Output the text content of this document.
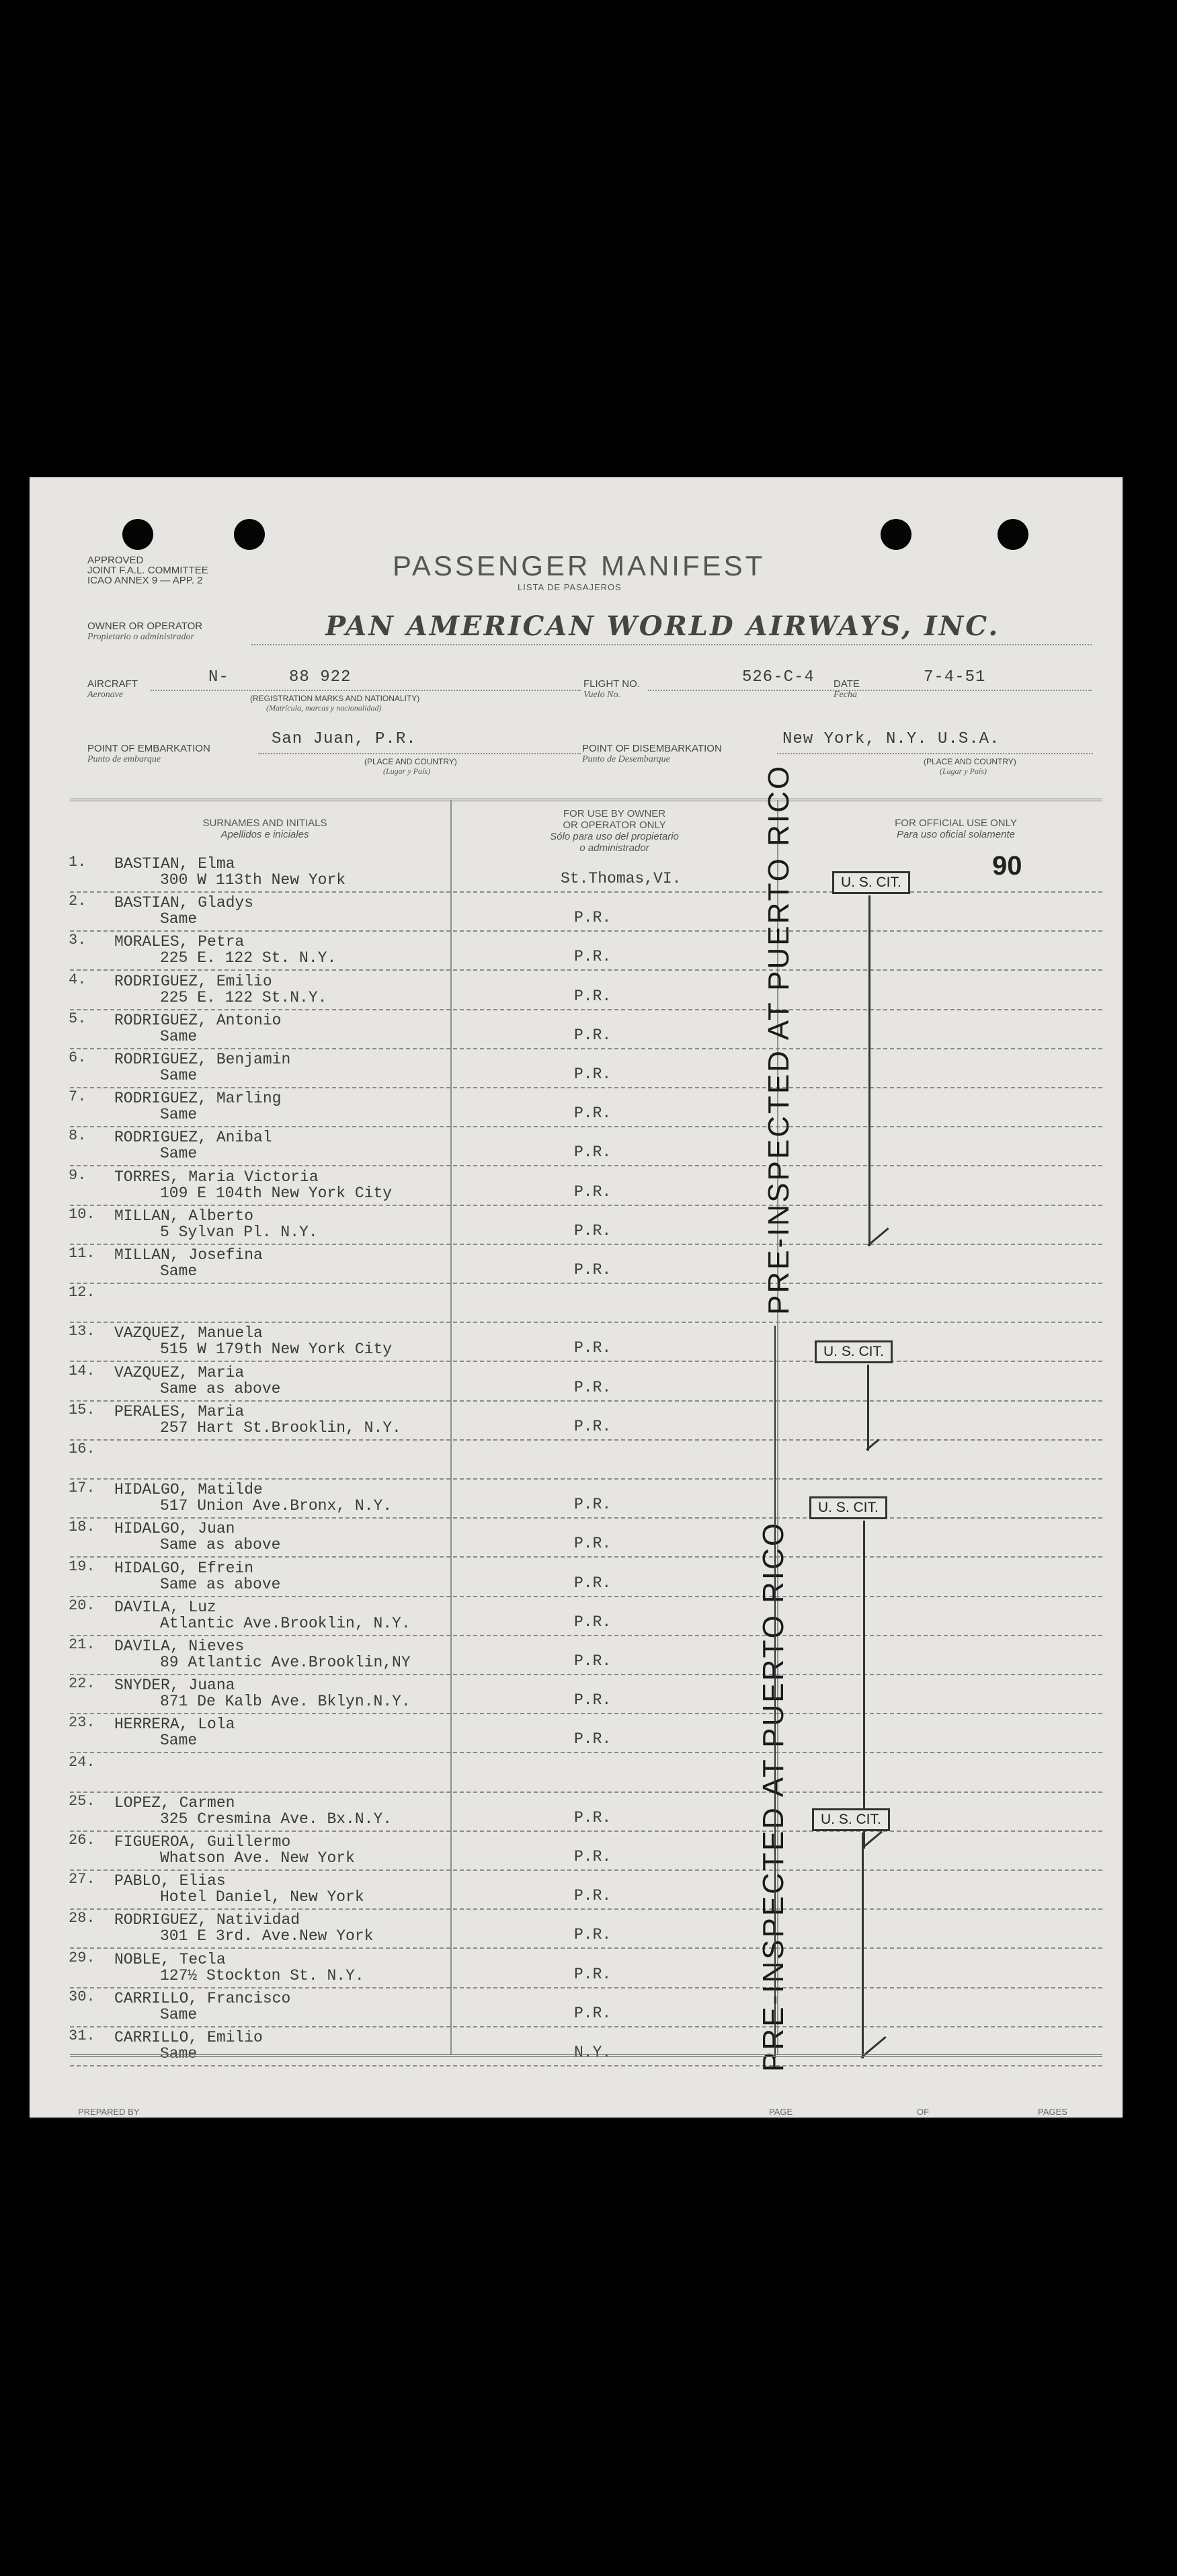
APPROVED
JOINT F.A.L. COMMITTEE
ICAO ANNEX 9 — APP. 2	PASSENGER MANIFEST
LISTA DE PASAJEROS
OWNER OR OPERATOR
Propietario o administrador	PAN AMERICAN WORLD AIRWAYS, INC.
AIRCRAFT
Aeronave
N-	88 922
(REGISTRATION MARKS AND NATIONALITY)
(Matrícula, marcas y nacionalidad)
FLIGHT NO.
Vuelo No.
526-C-4 DATE
Fecha
7-4-51
POINT OF EMBARKATION
Punto de embarque
San Juan, P.R.
(PLACE AND COUNTRY)
(Lugar y País)
POINT OF DISEMBARKATION
Punto de Desembarque
New York, N.Y. U.S.A.
(PLACE AND COUNTRY)
(Lugar y País)
SURNAMES AND INITIALS
Apellidos e iniciales
FOR USE BY OWNER
OR OPERATOR ONLY
Sólo para uso del propietario
o administrador
FOR OFFICIAL USE ONLY
Para uso oficial solamente
1. BASTIAN, Elma
300 W 113th New York	St.Thomas,VI.
2. BASTIAN, Gladys
Same	P.R.
3. MORALES, Petra
225 E. 122 St. N.Y.	P.R.
4. RODRIGUEZ, Emilio
225 E. 122 St.N.Y.	P.R.
5. RODRIGUEZ, Antonio
Same	P.R.
6. RODRIGUEZ, Benjamin
Same	P.R.
7. RODRIGUEZ, Marling
Same	P.R.
8. RODRIGUEZ, Anibal
Same	P.R.
9. TORRES, Maria Victoria
109 E 104th New York City	P.R.
10. MILLAN, Alberto
5 Sylvan Pl. N.Y.	P.R.
11. MILLAN, Josefina
Same	P.R.
12.
13. VAZQUEZ, Manuela
515 W 179th New York City	P.R.
14. VAZQUEZ, Maria
Same as above	P.R.
15. PERALES, Maria
257 Hart St.Brooklin, N.Y.	P.R.
16.
17. HIDALGO, Matilde
517 Union Ave.Bronx, N.Y.	P.R.
18. HIDALGO, Juan
Same as above	P.R.
19. HIDALGO, Efrein
Same as above	P.R.
20. DAVILA, Luz
Atlantic Ave.Brooklin, N.Y.	P.R.
21. DAVILA, Nieves
89 Atlantic Ave.Brooklin,NY	P.R.
22. SNYDER, Juana
871 De Kalb Ave. Bklyn.N.Y.	P.R.
23. HERRERA, Lola
Same	P.R.
24.
25. LOPEZ, Carmen
325 Cresmina Ave. Bx.N.Y.	P.R.
26. FIGUEROA, Guillermo
Whatson Ave. New York	P.R.
27. PABLO, Elias
Hotel Daniel, New York	P.R.
28. RODRIGUEZ, Natividad
301 E 3rd. Ave.New York	P.R.
29. NOBLE, Tecla
127½ Stockton St. N.Y.	P.R.
30. CARRILLO, Francisco
Same	P.R.
31. CARRILLO, Emilio
Same	N.Y.
90
PRE-INSPECTED AT PUERTO RICO
PRE-INSPECTED AT PUERTO RICO
U. S. CIT.
U. S. CIT.
U. S. CIT.
U. S. CIT.
PREPARED BY	PAGE	OF	PAGES
